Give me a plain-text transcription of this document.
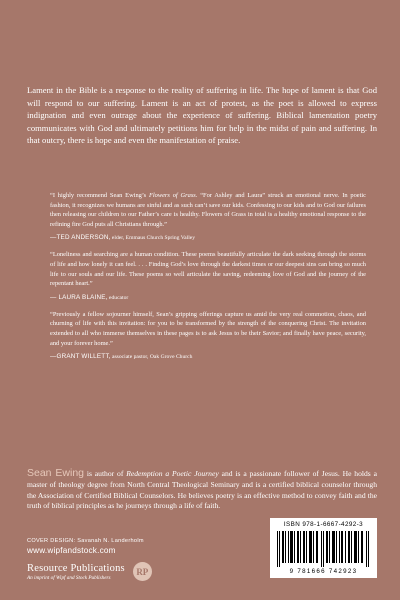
Lament in the Bible is a response to the reality of suffering in life. The hope of lament is that God will respond to our suffering. Lament is an act of protest, as the poet is allowed to express indignation and even outrage about the experience of suffering. Biblical lamentation poetry communicates with God and ultimately petitions him for help in the midst of pain and suffering. In that outcry, there is hope and even the manifestation of praise.
“I highly recommend Sean Ewing’s Flowers of Grass. “For Ashley and Laura” struck an emotional nerve. In poetic fashion, it recognizes we humans are sinful and as such can’t save our kids. Confessing to our kids and to God our failures then releasing our children to our Father’s care is healthy. Flowers of Grass in total is a healthy emotional response to the refining fire God puts all Christians through.”
—TED ANDERSON, elder, Emmaus Church Spring Valley
“Loneliness and searching are a human condition. These poems beautifully articulate the dark seeking through the storms of life and how lonely it can feel. . . . Finding God’s love through the darkest times or our deepest sins can bring so much life to our souls and our life. These poems so well articulate the saving, redeeming love of God and the journey of the repentant heart.”
— LAURA BLAINE, educator
“Previously a fellow sojourner himself, Sean’s gripping offerings capture us amid the very real commotion, chaos, and churning of life with this invitation: for you to be transformed by the strength of the conquering Christ. The invitation extended to all who immerse themselves in these pages is to ask Jesus to be their Savior; and finally have peace, security, and your forever home.”
—GRANT WILLETT, associate pastor, Oak Grove Church
Sean Ewing is author of Redemption a Poetic Journey and is a passionate follower of Jesus. He holds a master of theology degree from North Central Theological Seminary and is a certified biblical counselor through the Association of Certified Biblical Counselors. He believes poetry is an effective method to convey faith and the truth of biblical principles as he journeys through a life of faith.
COVER DESIGN: Savanah N. Landerholm
www.wipfandstock.com
Resource Publications
An imprint of Wipf and Stock Publishers
RP
ISBN 978-1-6667-4292-3
9 781666 742923
